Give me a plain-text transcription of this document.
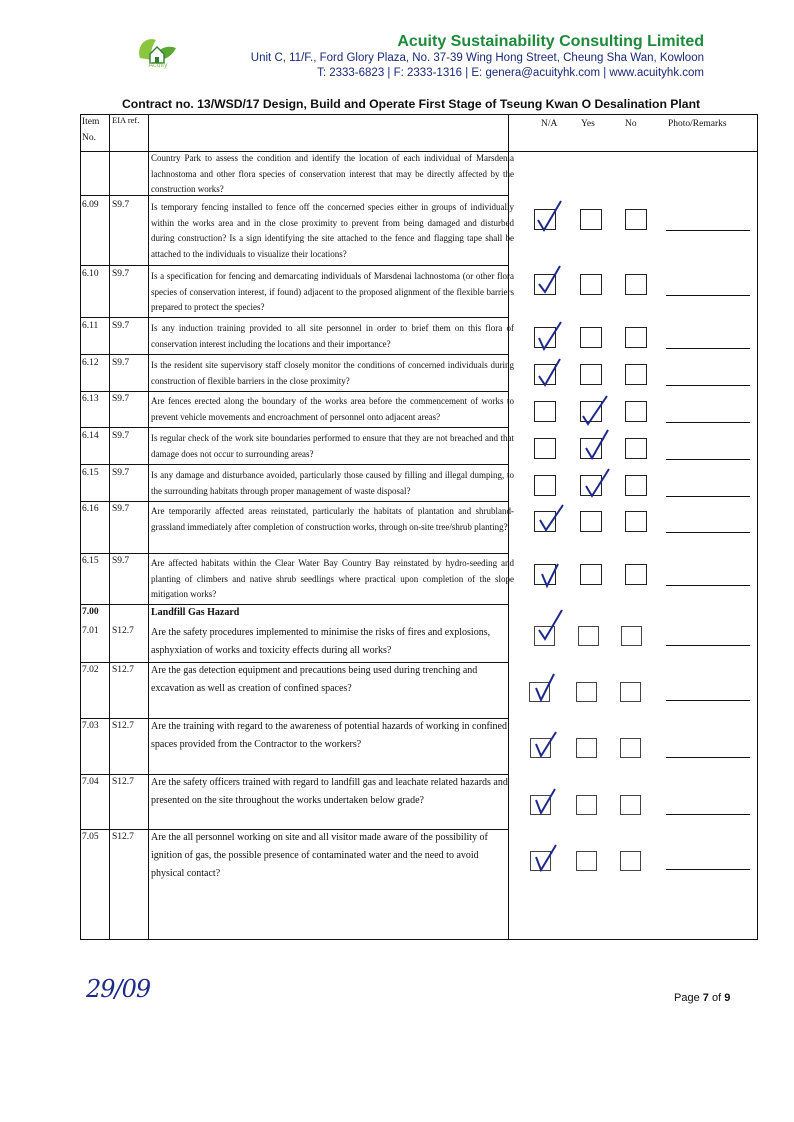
Acuity
Acuity Sustainability Consulting Limited
Unit C, 11/F., Ford Glory Plaza, No. 37-39 Wing Hong Street, Cheung Sha Wan, Kowloon
T: 2333-6823 | F: 2333-1316 | E: genera@acuityhk.com | www.acuityhk.com
Contract no. 13/WSD/17 Design, Build and Operate First Stage of Tseung Kwan O Desalination Plant
Item
No.
EIA ref.	N/A Yes	No	Photo/Remarks
Country Park to assess the condition and identify the location of each individual of Marsdenia lachnostoma and other flora species of conservation interest that may be directly affected by the construction works?
6.09 S9.7 Is temporary fencing installed to fence off the concerned species either in groups of individually within the works area and in the close proximity to prevent from being damaged and disturbed during construction? Is a sign identifying the site attached to the fence and flagging tape shall be attached to the individuals to visualize their locations?
6.10 S9.7 Is a specification for fencing and demarcating individuals of Marsdenai lachnostoma (or other flora species of conservation interest, if found) adjacent to the proposed alignment of the flexible barriers prepared to protect the species?
6.11 S9.7 Is any induction training provided to all site personnel in order to brief them on this flora of conservation interest including the locations and their importance?
6.12 S9.7 Is the resident site supervisory staff closely monitor the conditions of concerned individuals during construction of flexible barriers in the close proximity?
6.13 S9.7 Are fences erected along the boundary of the works area before the commencement of works to prevent vehicle movements and encroachment of personnel onto adjacent areas?
6.14 S9.7 Is regular check of the work site boundaries performed to ensure that they are not breached and that damage does not occur to surrounding areas?
6.15 S9.7 Is any damage and disturbance avoided, particularly those caused by filling and illegal dumping, to the surrounding habitats through proper management of waste disposal?
6.16 S9.7 Are temporarily affected areas reinstated, particularly the habitats of plantation and shrubland-grassland immediately after completion of construction works, through on-site tree/shrub planting?
6.15 S9.7 Are affected habitats within the Clear Water Bay Country Bay reinstated by hydro-seeding and planting of climbers and native shrub seedlings where practical upon completion of the slope mitigation works?
7.00	Landfill Gas Hazard
7.01 S12.7 Are the safety procedures implemented to minimise the risks of fires and explosions, asphyxiation of works and toxicity effects during all works?
7.02 S12.7 Are the gas detection equipment and precautions being used during trenching and excavation as well as creation of confined spaces?
7.03 S12.7 Are the training with regard to the awareness of potential hazards of working in confined spaces provided from the Contractor to the workers?
7.04 S12.7 Are the safety officers trained with regard to landfill gas and leachate related hazards and presented on the site throughout the works undertaken below grade?
7.05 S12.7 Are the all personnel working on site and all visitor made aware of the possibility of ignition of gas, the possible presence of contaminated water and the need to avoid physical contact?
29/09	Page 7 of 9
